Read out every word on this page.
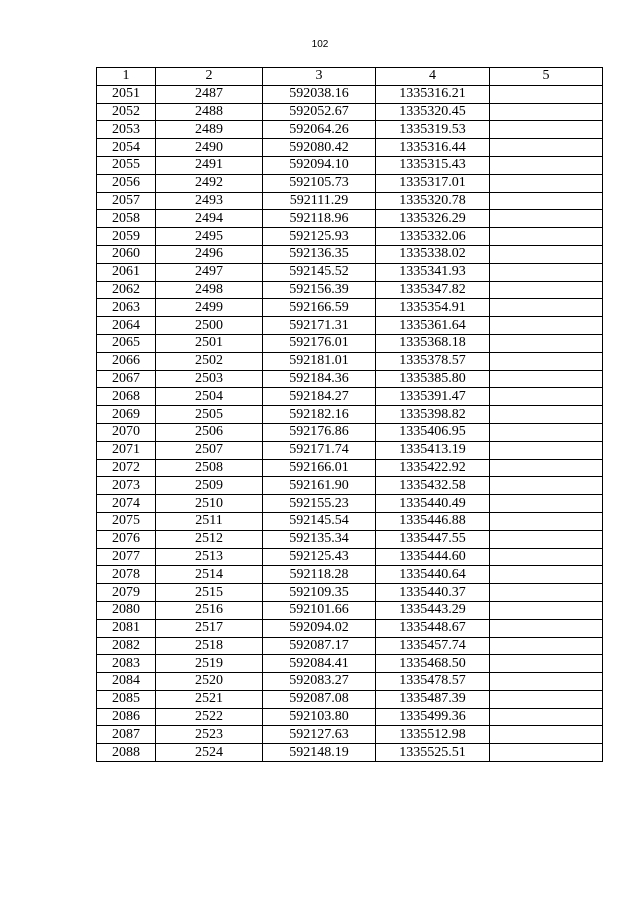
102
1	2	3	4	5
2051	2487	592038.16	1335316.21	
2052	2488	592052.67	1335320.45	
2053	2489	592064.26	1335319.53	
2054	2490	592080.42	1335316.44	
2055	2491	592094.10	1335315.43	
2056	2492	592105.73	1335317.01	
2057	2493	592111.29	1335320.78	
2058	2494	592118.96	1335326.29	
2059	2495	592125.93	1335332.06	
2060	2496	592136.35	1335338.02	
2061	2497	592145.52	1335341.93	
2062	2498	592156.39	1335347.82	
2063	2499	592166.59	1335354.91	
2064	2500	592171.31	1335361.64	
2065	2501	592176.01	1335368.18	
2066	2502	592181.01	1335378.57	
2067	2503	592184.36	1335385.80	
2068	2504	592184.27	1335391.47	
2069	2505	592182.16	1335398.82	
2070	2506	592176.86	1335406.95	
2071	2507	592171.74	1335413.19	
2072	2508	592166.01	1335422.92	
2073	2509	592161.90	1335432.58	
2074	2510	592155.23	1335440.49	
2075	2511	592145.54	1335446.88	
2076	2512	592135.34	1335447.55	
2077	2513	592125.43	1335444.60	
2078	2514	592118.28	1335440.64	
2079	2515	592109.35	1335440.37	
2080	2516	592101.66	1335443.29	
2081	2517	592094.02	1335448.67	
2082	2518	592087.17	1335457.74	
2083	2519	592084.41	1335468.50	
2084	2520	592083.27	1335478.57	
2085	2521	592087.08	1335487.39	
2086	2522	592103.80	1335499.36	
2087	2523	592127.63	1335512.98	
2088	2524	592148.19	1335525.51	
